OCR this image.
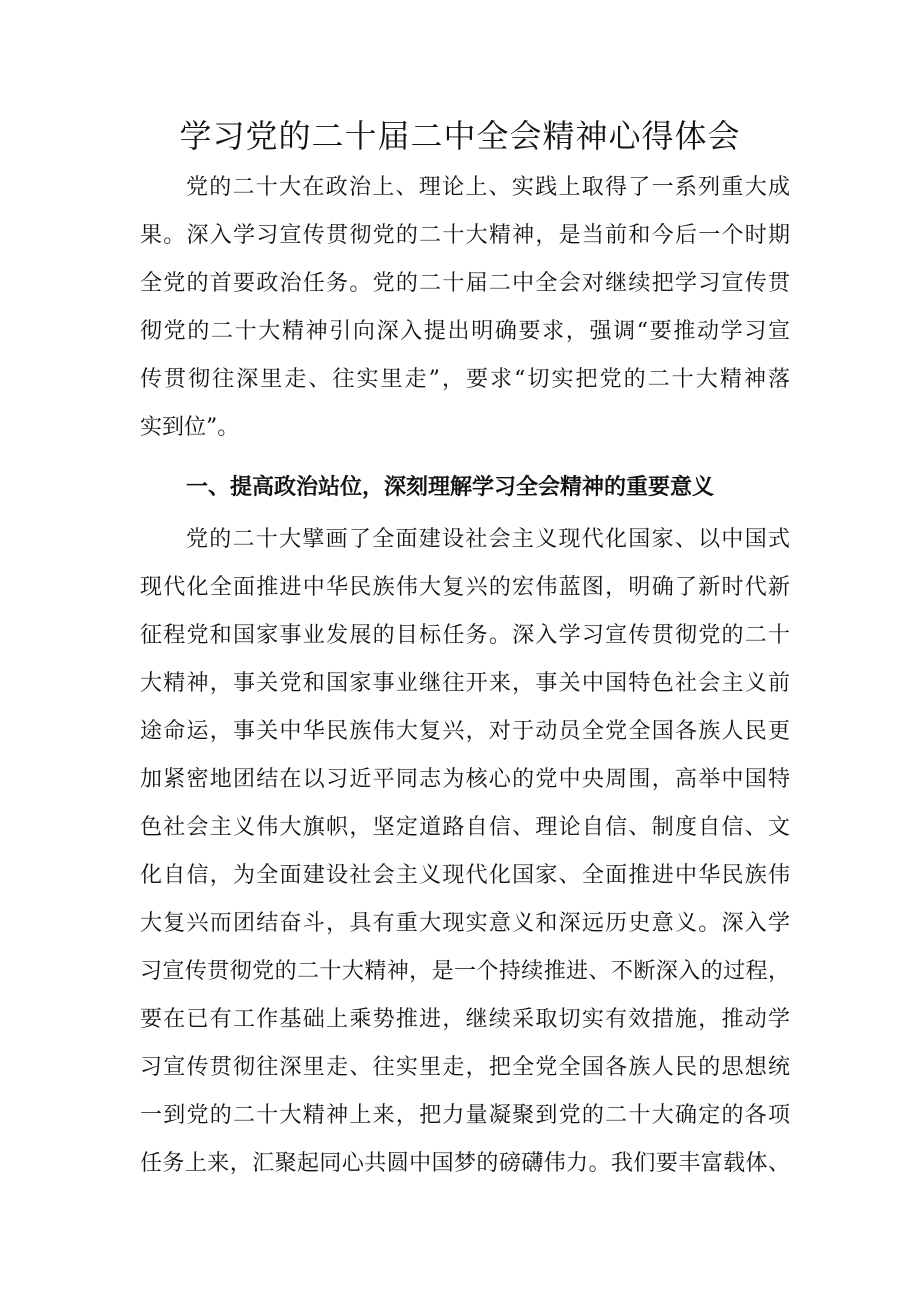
学习党的二十届二中全会精神心得体会

党的二十大在政治上、理论上、实践上取得了一系列重大成

果。深入学习宣传贯彻党的二十大精神，是当前和今后一个时期

全党的首要政治任务。党的二十届二中全会对继续把学习宣传贯

彻党的二十大精神引向深入提出明确要求，强调“要推动学习宣

传贯彻往深里走、往实里走”，要求“切实把党的二十大精神落

实到位”。

一、提高政治站位，深刻理解学习全会精神的重要意义

党的二十大擘画了全面建设社会主义现代化国家、以中国式

现代化全面推进中华民族伟大复兴的宏伟蓝图，明确了新时代新

征程党和国家事业发展的目标任务。深入学习宣传贯彻党的二十

大精神，事关党和国家事业继往开来，事关中国特色社会主义前

途命运，事关中华民族伟大复兴，对于动员全党全国各族人民更

加紧密地团结在以习近平同志为核心的党中央周围，高举中国特

色社会主义伟大旗帜，坚定道路自信、理论自信、制度自信、文

化自信，为全面建设社会主义现代化国家、全面推进中华民族伟

大复兴而团结奋斗，具有重大现实意义和深远历史意义。深入学

习宣传贯彻党的二十大精神，是一个持续推进、不断深入的过程，

要在已有工作基础上乘势推进，继续采取切实有效措施，推动学

习宣传贯彻往深里走、往实里走，把全党全国各族人民的思想统

一到党的二十大精神上来，把力量凝聚到党的二十大确定的各项

任务上来，汇聚起同心共圆中国梦的磅礴伟力。我们要丰富载体、
